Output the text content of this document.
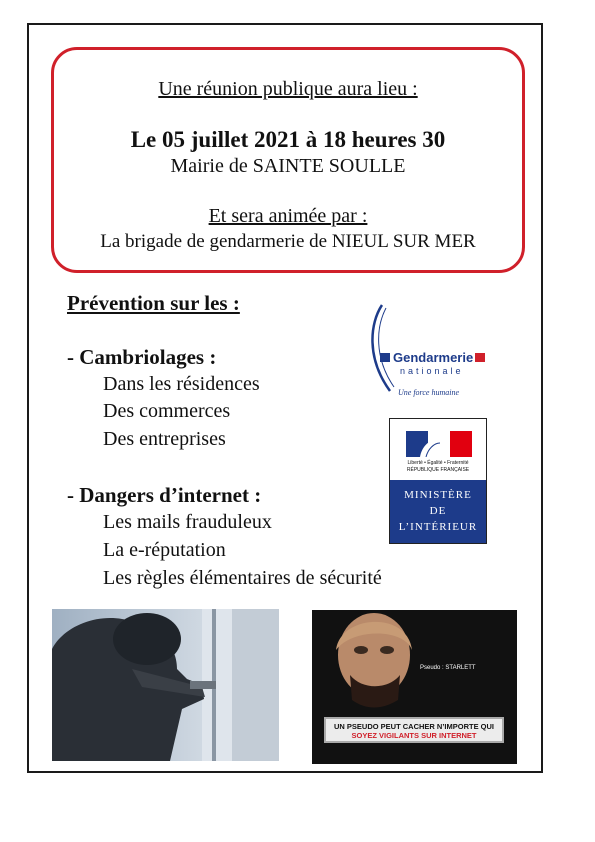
Une réunion publique aura lieu :
Le 05 juillet 2021 à 18 heures 30
Mairie de SAINTE SOULLE
Et sera animée par :
La brigade de gendarmerie de NIEUL SUR MER
Prévention sur les :
- Cambriolages :
Dans les résidences
Des commerces
Des entreprises
- Dangers d’internet :
Les mails frauduleux
La e-réputation
Les règles élémentaires de sécurité
Gendarmerie
nationale
Une force humaine
Liberté • Égalité • Fraternité
RÉPUBLIQUE FRANÇAISE
MINISTÈRE
DE
L’INTÉRIEUR
Pseudo : STARLETT
UN PSEUDO PEUT CACHER N’IMPORTE QUI
SOYEZ VIGILANTS SUR INTERNET
